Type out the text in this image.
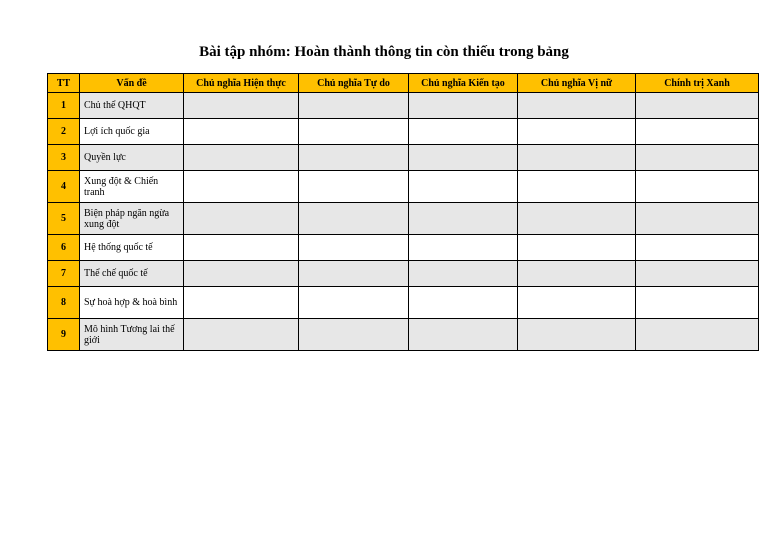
Bài tập nhóm: Hoàn thành thông tin còn thiếu trong bảng
TT	Vấn đề	Chủ nghĩa Hiện thực	Chủ nghĩa Tự do	Chủ nghĩa Kiến tạo	Chủ nghĩa Vị nữ	Chính trị Xanh
1	Chủ thể QHQT					
2	Lợi ích quốc gia					
3	Quyền lực					
4	Xung đột & Chiến tranh					
5	Biện pháp ngăn ngừa xung đột					
6	Hệ thống quốc tế					
7	Thể chế quốc tế					
8	Sự hoà hợp & hoà bình					
9	Mô hình Tương lai thế giới					
